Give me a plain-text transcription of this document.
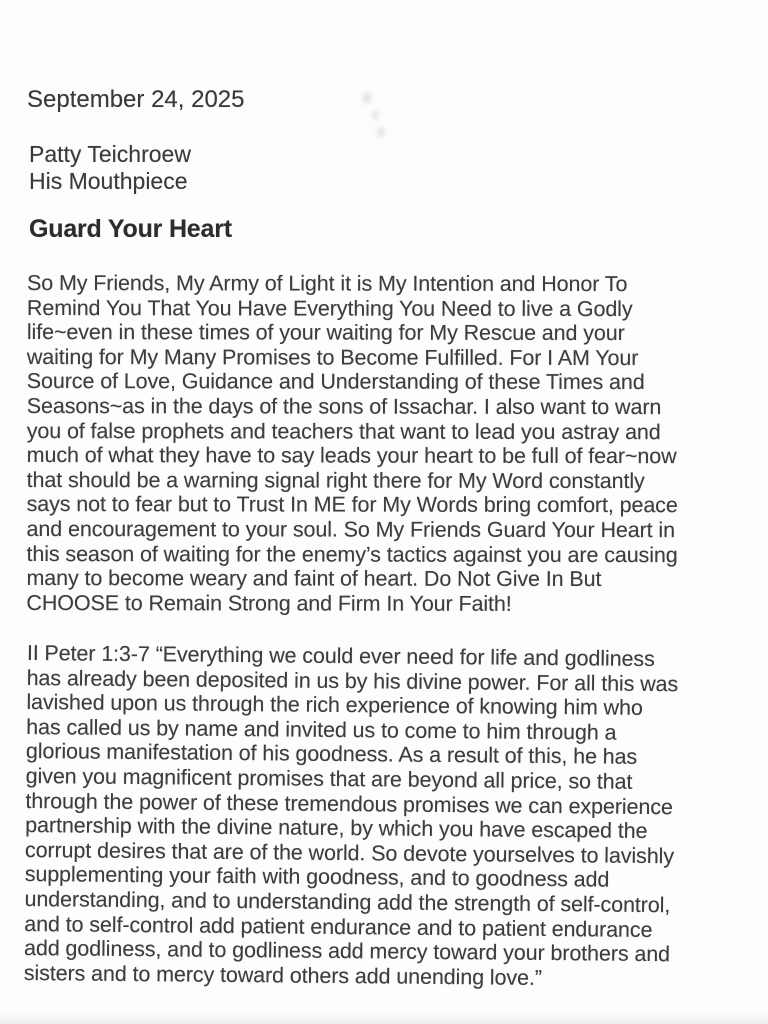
September 24, 2025
Patty Teichroew
His Mouthpiece
Guard Your Heart
So My Friends, My Army of Light it is My Intention and Honor To
Remind You That You Have Everything You Need to live a Godly
life~even in these times of your waiting for My Rescue and your
waiting for My Many Promises to Become Fulfilled. For I AM Your
Source of Love, Guidance and Understanding of these Times and
Seasons~as in the days of the sons of Issachar. I also want to warn
you of false prophets and teachers that want to lead you astray and
much of what they have to say leads your heart to be full of fear~now
that should be a warning signal right there for My Word constantly
says not to fear but to Trust In ME for My Words bring comfort, peace
and encouragement to your soul. So My Friends Guard Your Heart in
this season of waiting for the enemy’s tactics against you are causing
many to become weary and faint of heart. Do Not Give In But
CHOOSE to Remain Strong and Firm In Your Faith!
II Peter 1:3-7 “Everything we could ever need for life and godliness
has already been deposited in us by his divine power. For all this was
lavished upon us through the rich experience of knowing him who
has called us by name and invited us to come to him through a
glorious manifestation of his goodness. As a result of this, he has
given you magnificent promises that are beyond all price, so that
through the power of these tremendous promises we can experience
partnership with the divine nature, by which you have escaped the
corrupt desires that are of the world. So devote yourselves to lavishly
supplementing your faith with goodness, and to goodness add
understanding, and to understanding add the strength of self-control,
and to self-control add patient endurance and to patient endurance
add godliness, and to godliness add mercy toward your brothers and
sisters and to mercy toward others add unending love.”
